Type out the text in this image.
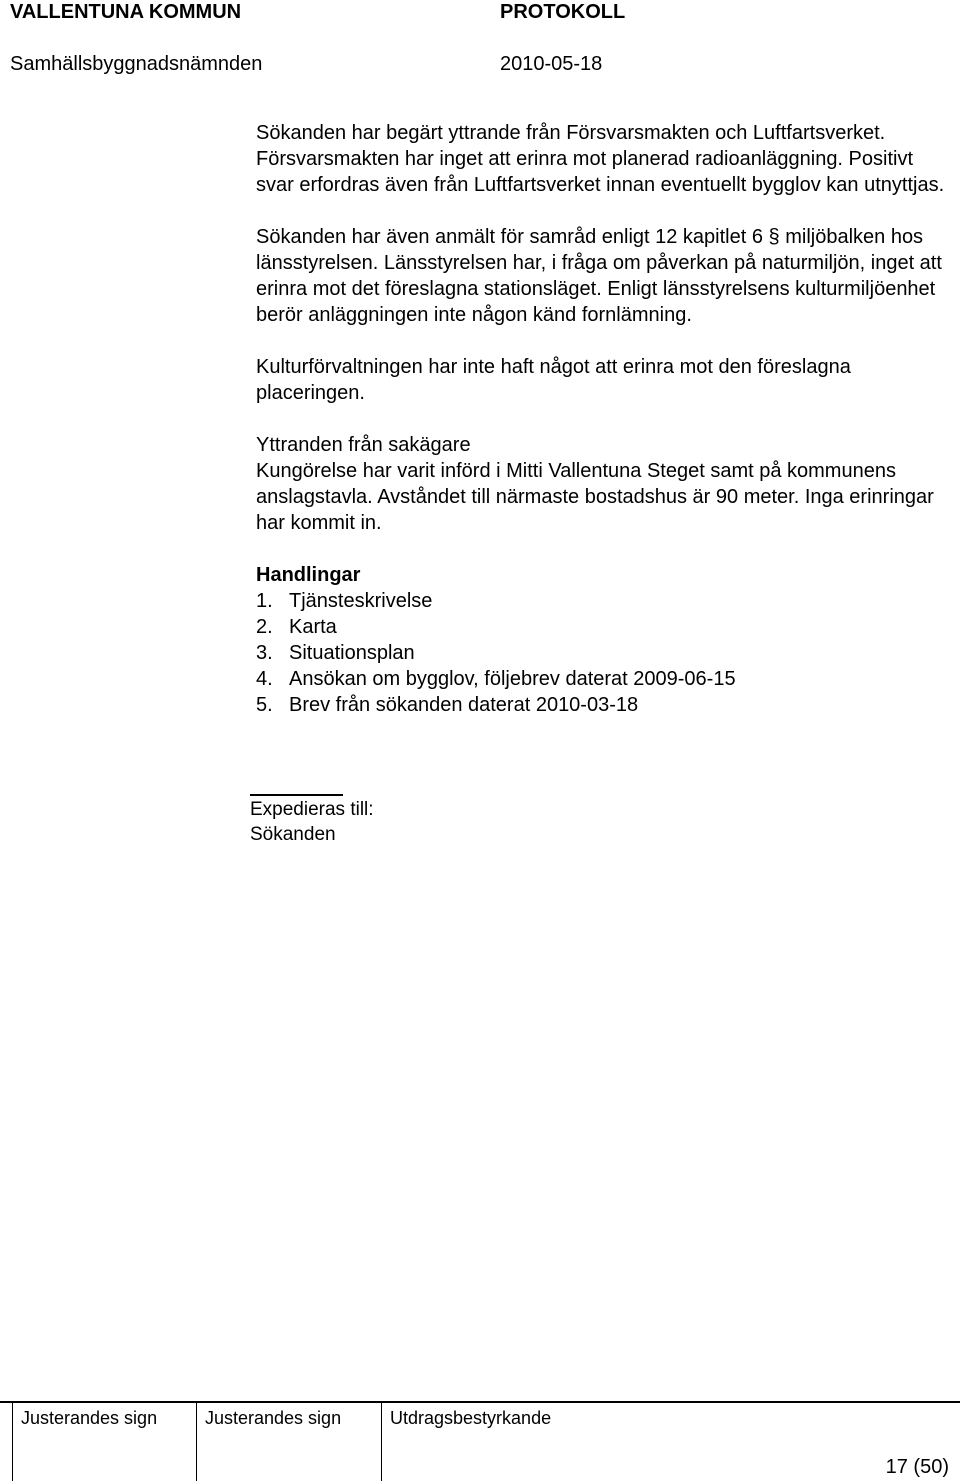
VALLENTUNA KOMMUN	PROTOKOLL
Samhällsbyggnadsnämnden	2010-05-18

Sökanden har begärt yttrande från Försvarsmakten och Luftfartsverket. Försvarsmakten har inget att erinra mot planerad radioanläggning. Positivt svar erfordras även från Luftfartsverket innan eventuellt bygglov kan utnyttjas.

Sökanden har även anmält för samråd enligt 12 kapitlet 6 § miljöbalken hos länsstyrelsen. Länsstyrelsen har, i fråga om påverkan på naturmiljön, inget att erinra mot det föreslagna stationsläget. Enligt länsstyrelsens kulturmiljöenhet berör anläggningen inte någon känd fornlämning.

Kulturförvaltningen har inte haft något att erinra mot den föreslagna placeringen.

Yttranden från sakägare

Kungörelse har varit införd i Mitti Vallentuna Steget samt på kommunens anslagstavla. Avståndet till närmaste bostadshus är 90 meter. Inga erinringar har kommit in.

Handlingar

1. Tjänsteskrivelse

2. Karta

3. Situationsplan

4. Ansökan om bygglov, följebrev daterat 2009-06-15

5. Brev från sökanden daterat 2010-03-18

Expedieras till:
Sökanden
Justerandes sign	Justerandes sign	Utdragsbestyrkande
17 (50)
